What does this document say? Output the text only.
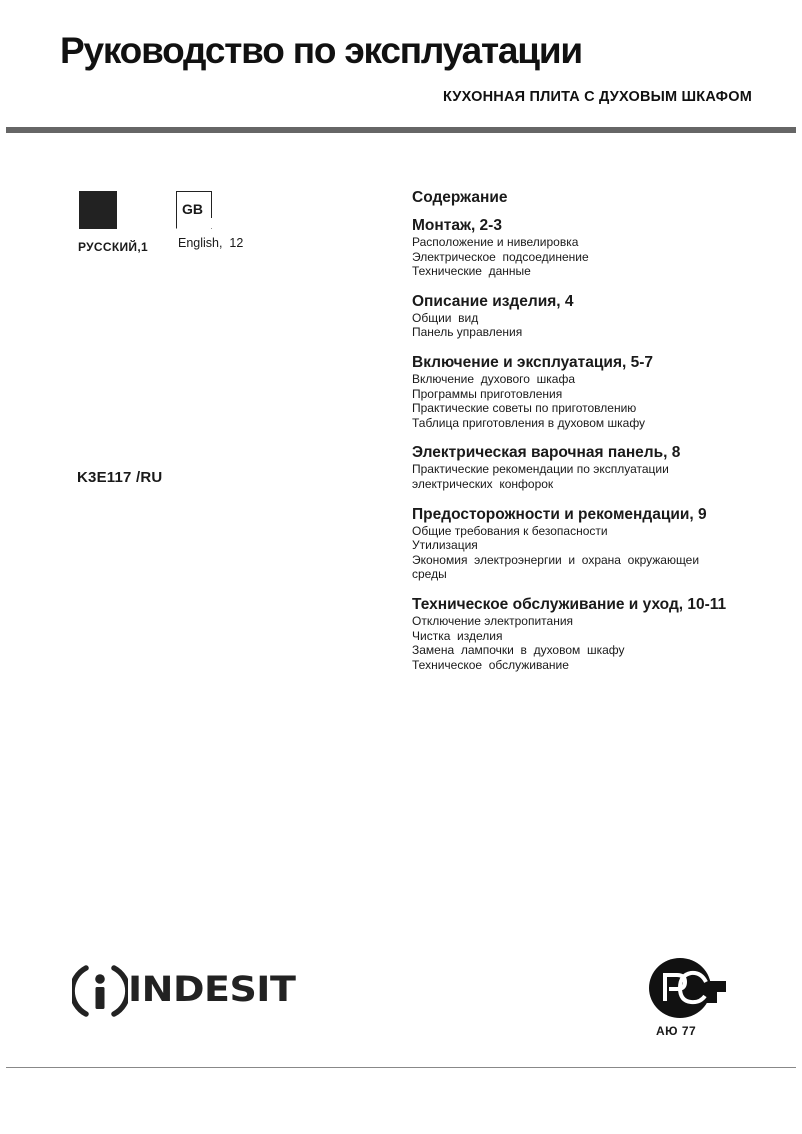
Руководство по эксплуатации
КУХОННАЯ ПЛИТА С ДУХОВЫМ ШКАФОМ
РУССКИЙ,1
GB
English,  12
K3E117 /RU
Содержание
Монтаж, 2-3
Расположение и нивелировка
Электрическое  подсоединение
Технические  данные
Описание изделия, 4
Общии  вид
Панель управления
Включение и эксплуатация, 5-7
Включение  духового  шкафа
Программы приготовления
Практические советы по приготовлению
Таблица приготовления в духовом шкафу
Электрическая варочная панель, 8
Практические рекомендации по эксплуатации
электрических  конфорок
Предосторожности и рекомендации, 9
Общие требования к безопасности
Утилизация
Экономия  электроэнергии  и  охрана  окружающеи
среды
Техническое обслуживание и уход, 10-11
Отключение электропитания
Чистка  изделия
Замена  лампочки  в  духовом  шкафу
Техническое  обслуживание
INDESIT
АЮ 77
